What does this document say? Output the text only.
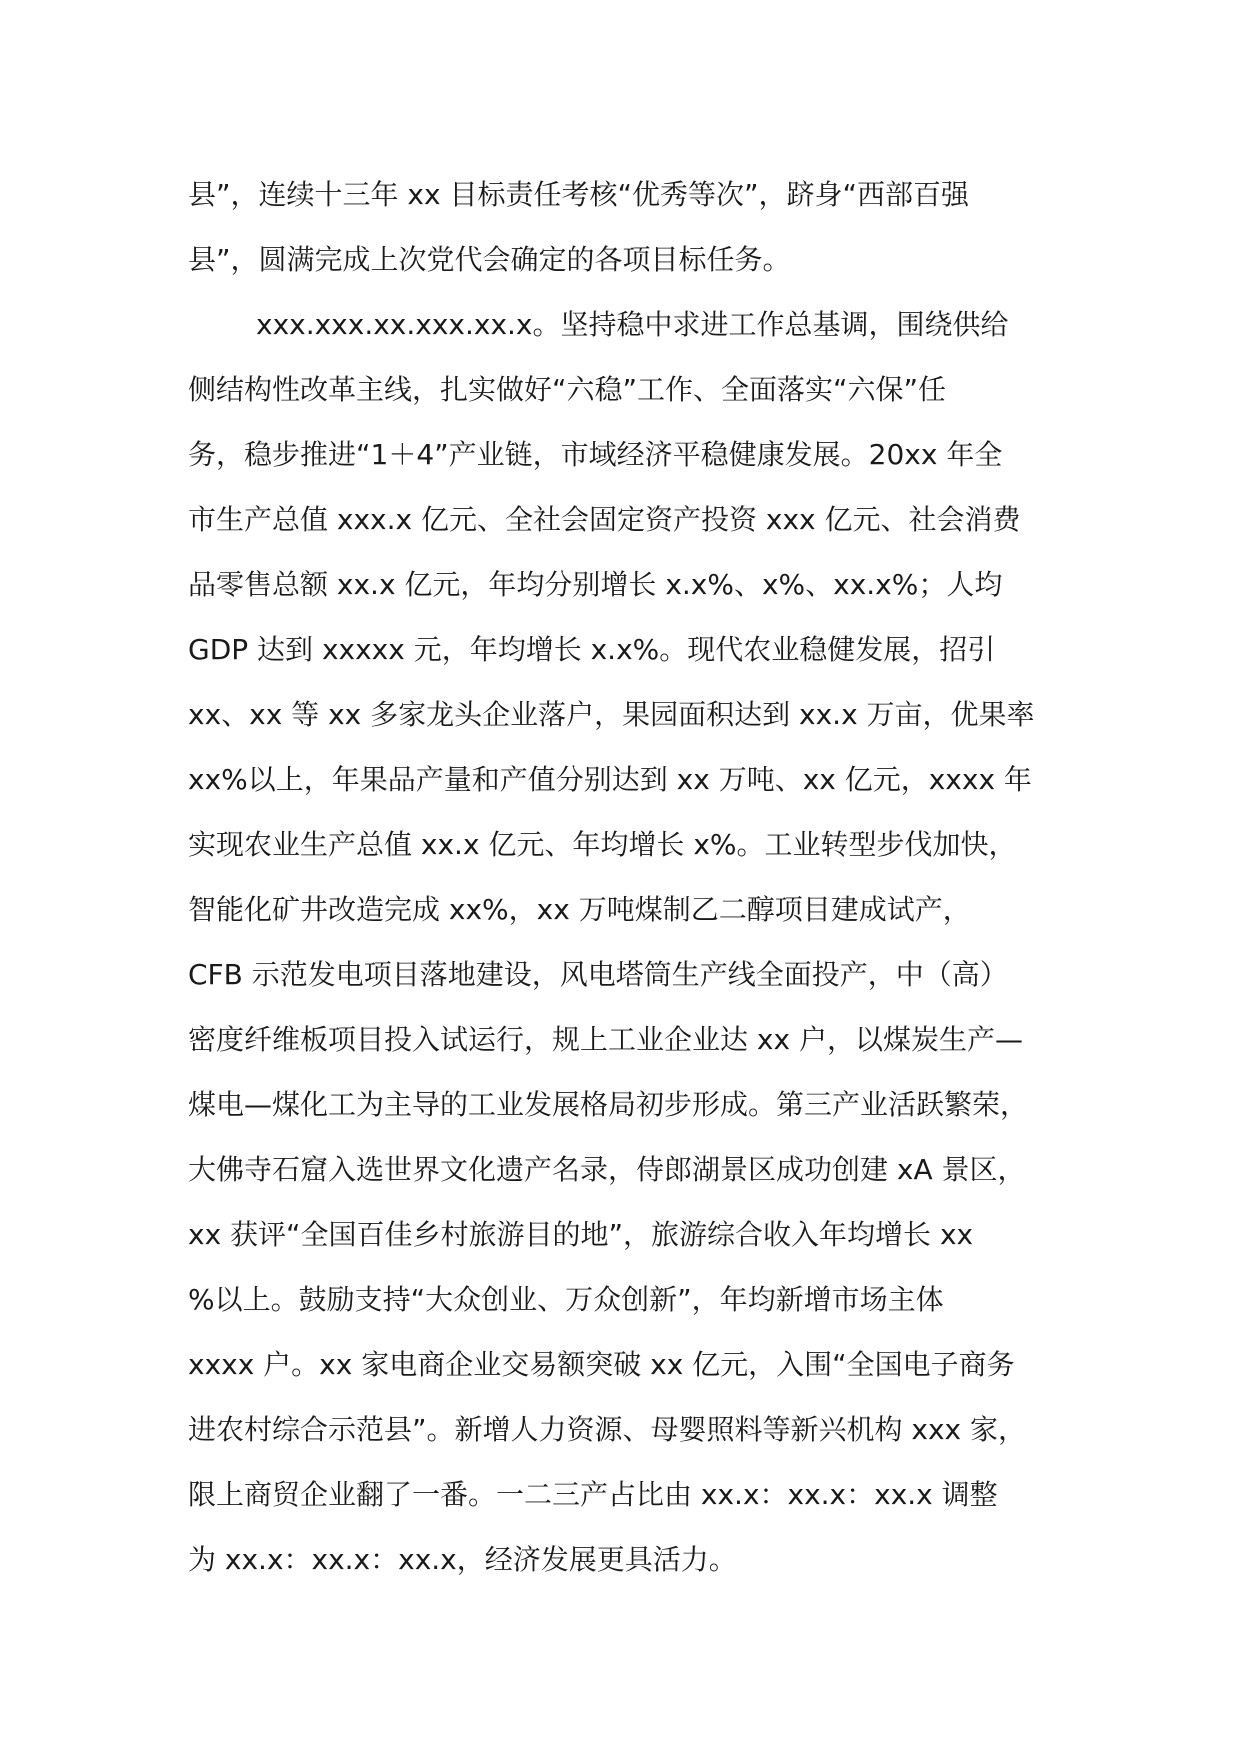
县”，连续十三年 xx 目标责任考核“优秀等次”，跻身“西部百强
县”，圆满完成上次党代会确定的各项目标任务。
xxx.xxx.xx.xxx.xx.x。坚持稳中求进工作总基调，围绕供给
侧结构性改革主线，扎实做好“六稳”工作、全面落实“六保”任
务，稳步推进“1＋4”产业链，市域经济平稳健康发展。20xx 年全
市生产总值 xxx.x 亿元、全社会固定资产投资 xxx 亿元、社会消费
品零售总额 xx.x 亿元，年均分别增长 x.x%、x%、xx.x%；人均
GDP 达到 xxxxx 元，年均增长 x.x%。现代农业稳健发展，招引
xx、xx 等 xx 多家龙头企业落户，果园面积达到 xx.x 万亩，优果率
xx%以上，年果品产量和产值分别达到 xx 万吨、xx 亿元，xxxx 年
实现农业生产总值 xx.x 亿元、年均增长 x%。工业转型步伐加快，
智能化矿井改造完成 xx%，xx 万吨煤制乙二醇项目建成试产，
CFB 示范发电项目落地建设，风电塔筒生产线全面投产，中（高）
密度纤维板项目投入试运行，规上工业企业达 xx 户，以煤炭生产—
煤电—煤化工为主导的工业发展格局初步形成。第三产业活跃繁荣，
大佛寺石窟入选世界文化遗产名录，侍郎湖景区成功创建 xA 景区，
xx 获评“全国百佳乡村旅游目的地”，旅游综合收入年均增长 xx
%以上。鼓励支持“大众创业、万众创新”，年均新增市场主体
xxxx 户。xx 家电商企业交易额突破 xx 亿元，入围“全国电子商务
进农村综合示范县”。新增人力资源、母婴照料等新兴机构 xxx 家，
限上商贸企业翻了一番。一二三产占比由 xx.x：xx.x：xx.x 调整
为 xx.x：xx.x：xx.x，经济发展更具活力。
